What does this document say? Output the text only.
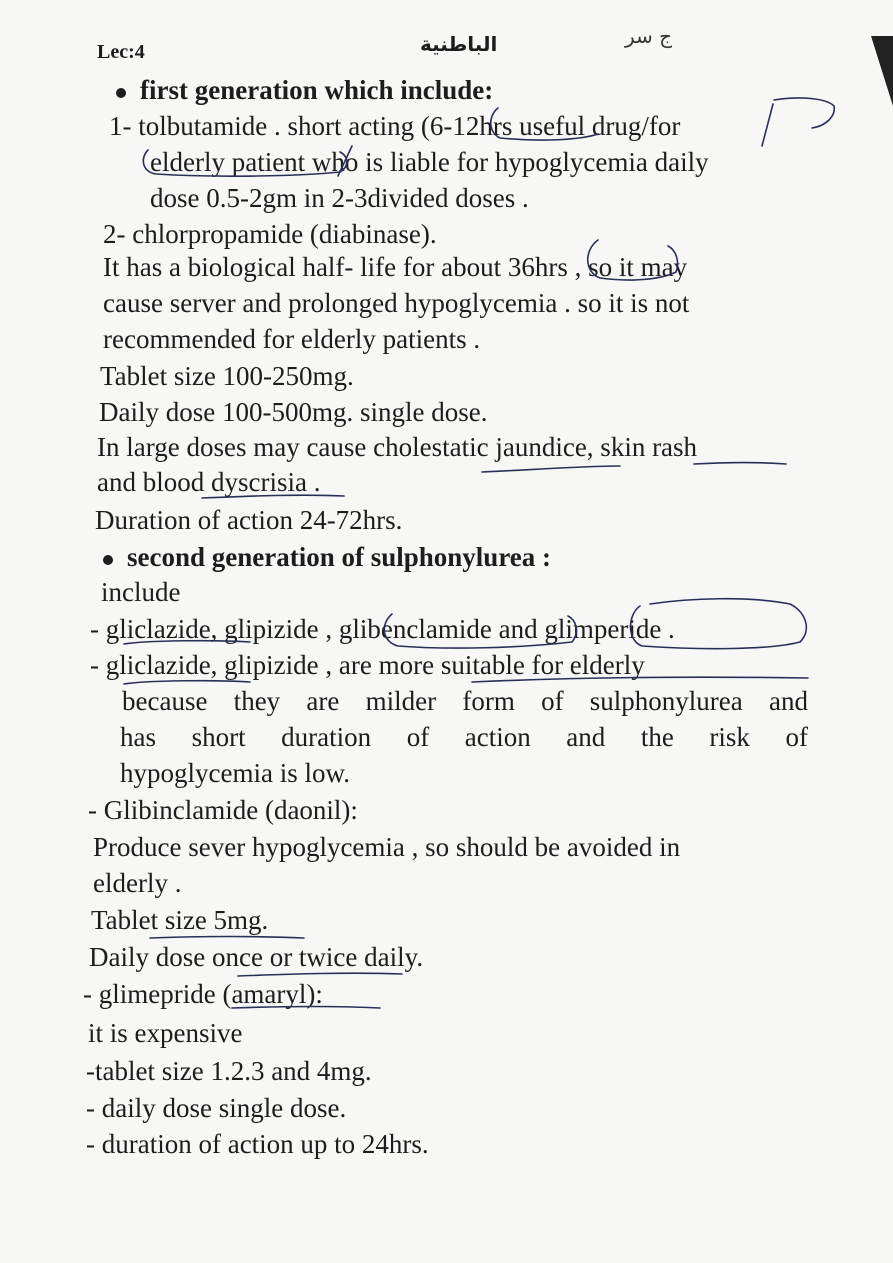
Lec:4	الباطنية	ج سر
first generation which include:
1- tolbutamide . short acting (6-12hrs useful drug/for
elderly patient who is liable for hypoglycemia daily
dose 0.5-2gm in 2-3divided doses .
2- chlorpropamide (diabinase).
It has a biological half- life for about 36hrs , so it may
cause server and prolonged hypoglycemia . so it is not
recommended for elderly patients .
Tablet size 100-250mg.
Daily dose 100-500mg. single dose.
In large doses may cause cholestatic jaundice, skin rash
and blood dyscrisia .
Duration of action 24-72hrs.
second generation of sulphonylurea :
include
- gliclazide, glipizide , glibenclamide and glimperide .
- gliclazide, glipizide , are more suitable for elderly
because they are milder form of sulphonylurea and
has short duration of action and the risk of
hypoglycemia is low.
- Glibinclamide (daonil):
Produce sever hypoglycemia , so should be avoided in
elderly .
Tablet size 5mg.
Daily dose once or twice daily.
- glimepride (amaryl):
it is expensive
-tablet size 1.2.3 and 4mg.
- daily dose single dose.
- duration of action up to 24hrs.
